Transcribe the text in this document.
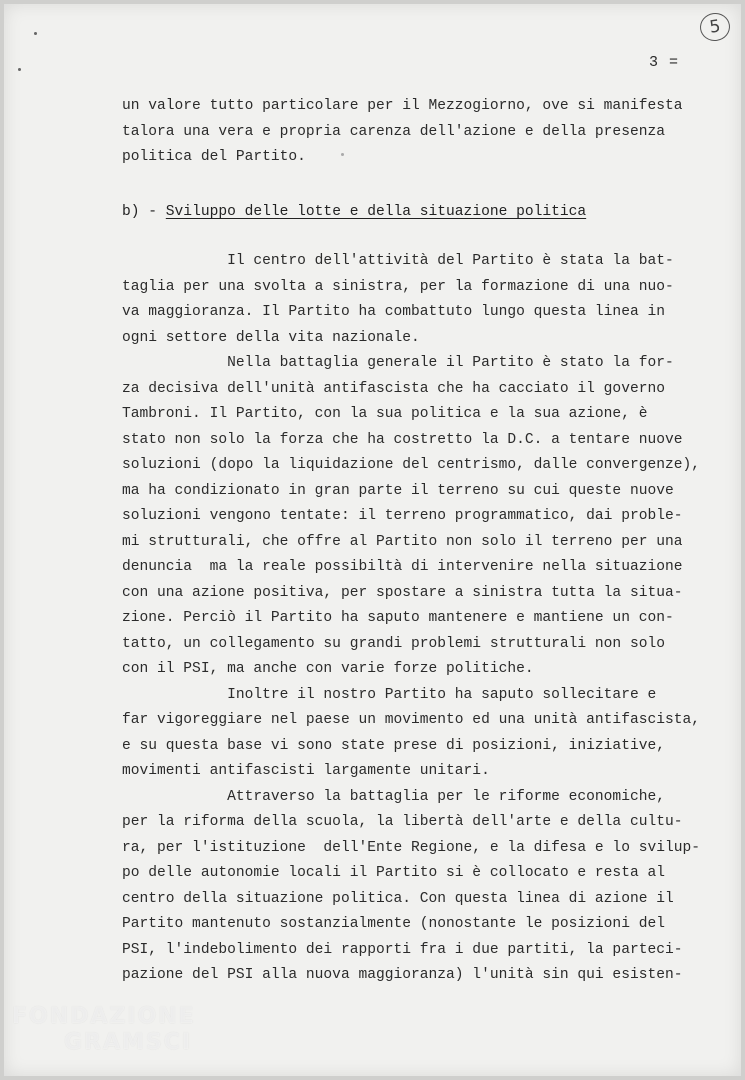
5
3 =

un valore tutto particolare per il Mezzogiorno, ove si manifesta
talora una vera e propria carenza dell'azione e della presenza
politica del Partito.

b) - Sviluppo delle lotte e della situazione politica

Il centro dell'attività del Partito è stata la bat-
taglia per una svolta a sinistra, per la formazione di una nuo-
va maggioranza. Il Partito ha combattuto lungo questa linea in
ogni settore della vita nazionale.
Nella battaglia generale il Partito è stato la for-
za decisiva dell'unità antifascista che ha cacciato il governo
Tambroni. Il Partito, con la sua politica e la sua azione, è
stato non solo la forza che ha costretto la D.C. a tentare nuove
soluzioni (dopo la liquidazione del centrismo, dalle convergenze),
ma ha condizionato in gran parte il terreno su cui queste nuove
soluzioni vengono tentate: il terreno programmatico, dai proble-
mi strutturali, che offre al Partito non solo il terreno per una
denuncia  ma la reale possibiltà di intervenire nella situazione
con una azione positiva, per spostare a sinistra tutta la situa-
zione. Perciò il Partito ha saputo mantenere e mantiene un con-
tatto, un collegamento su grandi problemi strutturali non solo
con il PSI, ma anche con varie forze politiche.
Inoltre il nostro Partito ha saputo sollecitare e
far vigoreggiare nel paese un movimento ed una unità antifascista,
e su questa base vi sono state prese di posizioni, iniziative,
movimenti antifascisti largamente unitari.
Attraverso la battaglia per le riforme economiche,
per la riforma della scuola, la libertà dell'arte e della cultu-
ra, per l'istituzione  dell'Ente Regione, e la difesa e lo svilup-
po delle autonomie locali il Partito si è collocato e resta al
centro della situazione politica. Con questa linea di azione il
Partito mantenuto sostanzialmente (nonostante le posizioni del
PSI, l'indebolimento dei rapporti fra i due partiti, la parteci-
pazione del PSI alla nuova maggioranza) l'unità sin qui esisten-

FONDAZIONE
GRAMSCI
